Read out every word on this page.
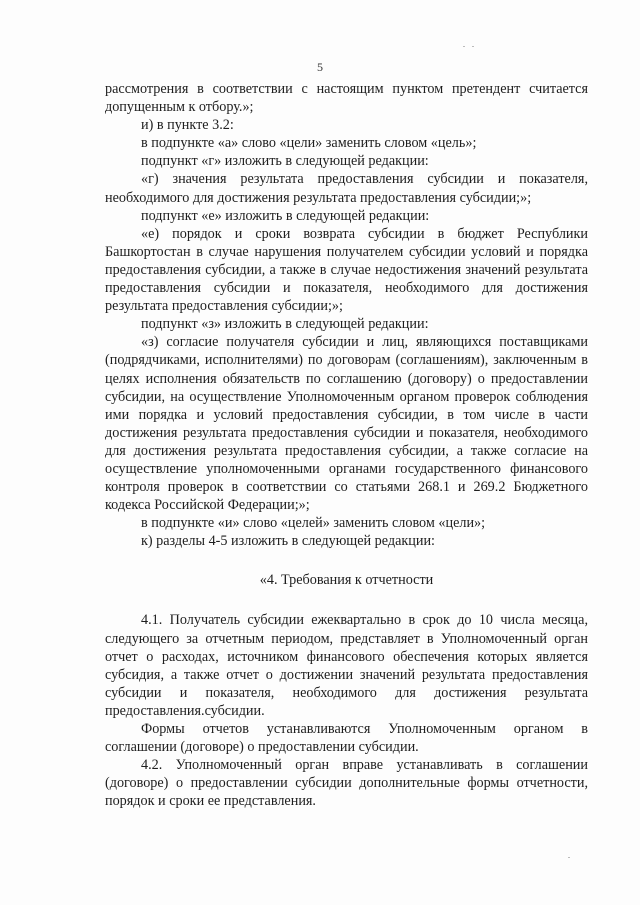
5

рассмотрения в соответствии с настоящим пунктом претендент считается допущенным к отбору.»;

и) в пункте 3.2:

в подпункте «а» слово «цели» заменить словом «цель»;

подпункт «г» изложить в следующей редакции:

«г) значения результата предоставления субсидии и показателя, необходимого для достижения результата предоставления субсидии;»;

подпункт «е» изложить в следующей редакции:

«е) порядок и сроки возврата субсидии в бюджет Республики Башкортостан в случае нарушения получателем субсидии условий и порядка предоставления субсидии, а также в случае недостижения значений результата предоставления субсидии и показателя, необходимого для достижения результата предоставления субсидии;»;

подпункт «з» изложить в следующей редакции:

«з) согласие получателя субсидии и лиц, являющихся поставщиками (подрядчиками, исполнителями) по договорам (соглашениям), заключенным в целях исполнения обязательств по соглашению (договору) о предоставлении субсидии, на осуществление Уполномоченным органом проверок соблюдения ими порядка и условий предоставления субсидии, в том числе в части достижения результата предоставления субсидии и показателя, необходимого для достижения результата предоставления субсидии, а также согласие на осуществление уполномоченными органами государственного финансового контроля проверок в соответствии со статьями 268.1 и 269.2 Бюджетного кодекса Российской Федерации;»;

в подпункте «и» слово «целей» заменить словом «цели»;

к) разделы 4-5 изложить в следующей редакции:

«4. Требования к отчетности

4.1. Получатель субсидии ежеквартально в срок до 10 числа месяца, следующего за отчетным периодом, представляет в Уполномоченный орган отчет о расходах, источником финансового обеспечения которых является субсидия, а также отчет о достижении значений результата предоставления субсидии и показателя, необходимого для достижения результата предоставления.субсидии.

Формы отчетов устанавливаются Уполномоченным органом в соглашении (договоре) о предоставлении субсидии.

4.2. Уполномоченный орган вправе устанавливать в соглашении (договоре) о предоставлении субсидии дополнительные формы отчетности, порядок и сроки ее представления.
